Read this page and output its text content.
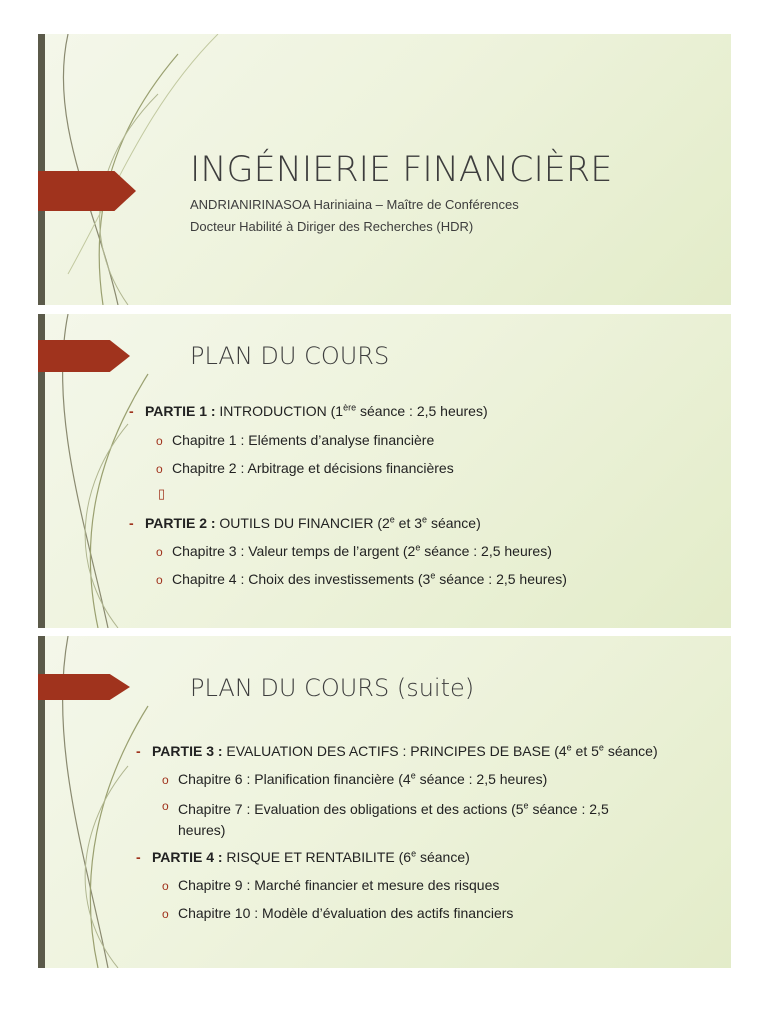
INGÉNIERIE FINANCIÈRE
ANDRIANIRINASOA Hariniaina – Maître de Conférences
Docteur Habilité à Diriger des Recherches (HDR)
PLAN DU COURS
- PARTIE 1 : INTRODUCTION (1ère séance : 2,5 heures)
o Chapitre 1 : Eléments d’analyse financière
o Chapitre 2 : Arbitrage et décisions financières
▯
- PARTIE 2 : OUTILS DU FINANCIER (2e et 3e séance)
o Chapitre 3 : Valeur temps de l’argent (2e séance : 2,5 heures)
o Chapitre 4 : Choix des investissements (3e séance : 2,5 heures)
PLAN DU COURS (suite)
- PARTIE 3 : EVALUATION DES ACTIFS : PRINCIPES DE BASE (4e et 5e séance)
o Chapitre 6 : Planification financière (4e séance : 2,5 heures)
o Chapitre 7 : Evaluation des obligations et des actions (5e séance : 2,5 heures)
- PARTIE 4 : RISQUE ET RENTABILITE (6e séance)
o Chapitre 9 : Marché financier et mesure des risques
o Chapitre 10 : Modèle d’évaluation des actifs financiers
